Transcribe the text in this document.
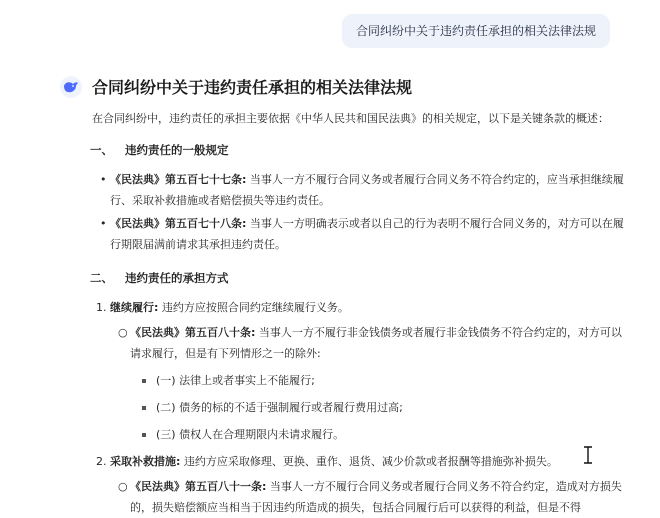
合同纠纷中关于违约责任承担的相关法律法规
合同纠纷中关于违约责任承担的相关法律法规

在合同纠纷中，违约责任的承担主要依据《中华人民共和国民法典》的相关规定，以下是关键条款的概述：

一、 违约责任的一般规定
• 《民法典》第五百七十七条: 当事人一方不履行合同义务或者履行合同义务不符合约定的，应当承担继续履行、采取补救措施或者赔偿损失等违约责任。
• 《民法典》第五百七十八条: 当事人一方明确表示或者以自己的行为表明不履行合同义务的，对方可以在履行期限届满前请求其承担违约责任。
二、 违约责任的承担方式
1. 继续履行: 违约方应按照合同约定继续履行义务。
○ 《民法典》第五百八十条: 当事人一方不履行非金钱债务或者履行非金钱债务不符合约定的，对方可以请求履行，但是有下列情形之一的除外:
(一) 法律上或者事实上不能履行;
(二) 债务的标的不适于强制履行或者履行费用过高;
(三) 债权人在合理期限内未请求履行。
2. 采取补救措施: 违约方应采取修理、更换、重作、退货、减少价款或者报酬等措施弥补损失。
○ 《民法典》第五百八十一条: 当事人一方不履行合同义务或者履行合同义务不符合约定，造成对方损失的，损失赔偿额应当相当于因违约所造成的损失，包括合同履行后可以获得的利益，但是不得
